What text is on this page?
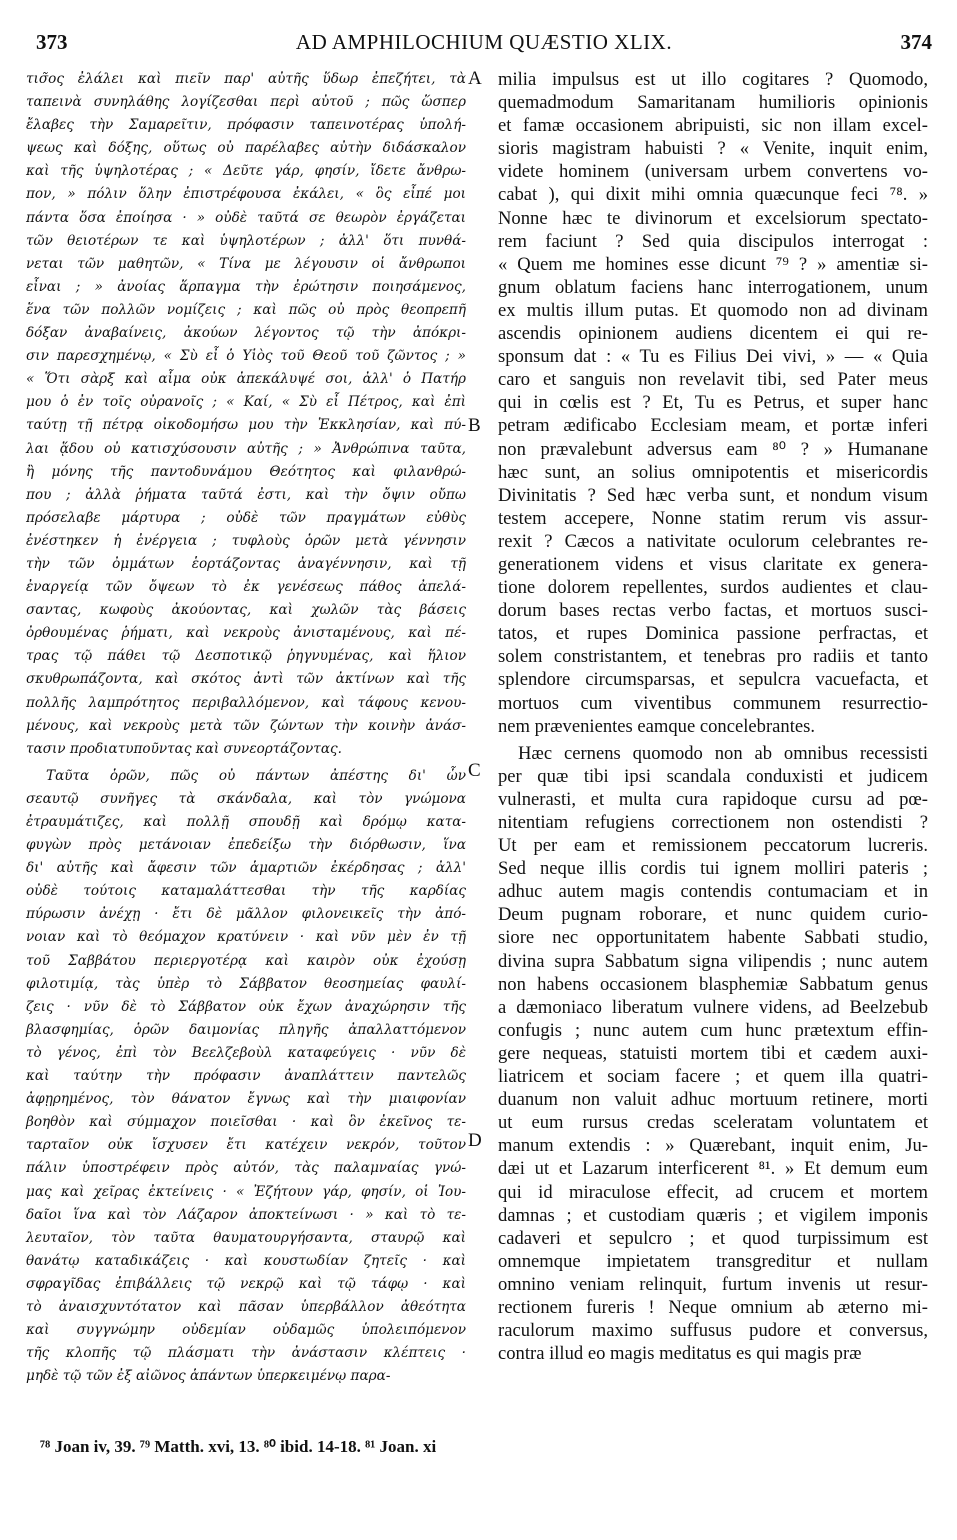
373	AD AMPHILOCHIUM QUÆSTIO XLIX.	374
τισ̃ος ἐλάλει καὶ πιεῖν παρ' αὐτῆς ὕδωρ ἐπεζήτει, τὰ
ταπεινὰ συνηλάθης λογίζεσθαι περὶ αὐτοῦ ; πῶς ὥσπερ
ἔλαβες τὴν Σαμαρεῖτιν, πρόφασιν ταπεινοτέρας ὑπολή-
ψεως καὶ δόξης, οὕτως οὐ παρέλαβες αὐτὴν διδάσκαλον
καὶ τῆς ὑψηλοτέρας ; « Δεῦτε γάρ, φησίν, ἴδετε ἄνθρω-
πον, » πόλιν ὅλην ἐπιστρέφουσα ἐκάλει, « ὃς εἶπέ μοι
πάντα ὅσα ἐποίησα · » οὐδὲ ταῦτά σε θεωρὸν ἐργάζεται
τῶν θειοτέρων τε καὶ ὑψηλοτέρων ; ἀλλ' ὅτι πυνθά-
νεται τῶν μαθητῶν, « Τίνα με λέγουσιν οἱ ἄνθρωποι
εἶναι ; » ἀνοίας ἅρπαγμα τὴν ἐρώτησιν ποιησάμενος,
ἕνα τῶν πολλῶν νομίζεις ; καὶ πῶς οὐ πρὸς θεοπρεπῆ
δόξαν ἀναβαίνεις, ἀκούων λέγοντος τῷ τὴν ἀπόκρι-
σιν παρεσχημένῳ, « Σὺ εἶ ὁ Υἱὸς τοῦ Θεοῦ τοῦ ζῶντος ; »
« Ὅτι σὰρξ καὶ αἷμα οὐκ ἀπεκάλυψέ σοι, ἀλλ' ὁ Πατήρ
μου ὁ ἐν τοῖς οὐρανοῖς ; « Καί, « Σὺ εἶ Πέτρος, καὶ ἐπὶ
ταύτῃ τῇ πέτρᾳ οἰκοδομήσω μου τὴν Ἐκκλησίαν, καὶ πύ-
λαι ᾅδου οὐ κατισχύσουσιν αὐτῆς ; » Ἀνθρώπινα ταῦτα,
ἢ μόνης τῆς παντοδυνάμου Θεότητος καὶ φιλανθρώ-
που ; ἀλλὰ ῥήματα ταῦτά ἐστι, καὶ τὴν ὄψιν οὔπω
πρόσελαβε μάρτυρα ; οὐδὲ τῶν πραγμάτων εὐθὺς
ἐνέστηκεν ἡ ἐνέργεια ; τυφλοὺς ὁρῶν μετὰ γέννησιν
τὴν τῶν ὀμμάτων ἑορτάζοντας ἀναγέννησιν, καὶ τῇ
ἐναργείᾳ τῶν ὄψεων τὸ ἐκ γενέσεως πάθος ἀπελά-
σαντας, κωφοὺς ἀκούοντας, καὶ χωλῶν τὰς βάσεις
ὀρθουμένας ῥήματι, καὶ νεκροὺς ἀνισταμένους, καὶ πέ-
τρας τῷ πάθει τῷ Δεσποτικῷ ῥηγνυμένας, καὶ ἥλιον
σκυθρωπάζοντα, καὶ σκότος ἀντὶ τῶν ἀκτίνων καὶ τῆς
πολλῆς λαμπρότητος περιβαλλόμενον, καὶ τάφους κενου-
μένους, καὶ νεκροὺς μετὰ τῶν ζώντων τὴν κοινὴν ἀνάσ-
τασιν προδιατυποῦντας καὶ συνεορτάζοντας.
Ταῦτα ὁρῶν, πῶς οὐ πάντων ἀπέστης δι' ὧν
σεαυτῷ συνῆγες τὰ σκάνδαλα, καὶ τὸν γνώμονα
ἐτραυμάτιζες, καὶ πολλῇ σπουδῇ καὶ δρόμῳ κατα-
φυγὼν πρὸς μετάνοιαν ἐπεδείξω τὴν διόρθωσιν, ἵνα
δι' αὐτῆς καὶ ἄφεσιν τῶν ἁμαρτιῶν ἐκέρδησας ; ἀλλ'
οὐδὲ τούτοις καταμαλάττεσθαι τὴν τῆς καρδίας
πύρωσιν ἀνέχῃ · ἔτι δὲ μᾶλλον φιλονεικεῖς τὴν ἀπό-
νοιαν καὶ τὸ θεόμαχον κρατύνειν · καὶ νῦν μὲν ἐν τῇ
τοῦ Σαββάτου περιεργοτέρᾳ καὶ καιρὸν οὐκ ἐχούσῃ
φιλοτιμίᾳ, τὰς ὑπὲρ τὸ Σάββατον θεοσημείας φαυλί-
ζεις · νῦν δὲ τὸ Σάββατον οὐκ ἔχων ἀναχώρησιν τῆς
βλασφημίας, ὁρῶν δαιμονίας πληγῆς ἀπαλλαττόμενον
τὸ γένος, ἐπὶ τὸν Βεελζεβοὺλ καταφεύγεις · νῦν δὲ
καὶ ταύτην τὴν πρόφασιν ἀναπλάττειν παντελῶς
ἀφῃρημένος, τὸν θάνατον ἔγνως καὶ τὴν μιαιφονίαν
βοηθὸν καὶ σύμμαχον ποιεῖσθαι · καὶ ὃν ἐκεῖνος τε-
ταρταῖον οὐκ ἴσχυσεν ἔτι κατέχειν νεκρόν, τοῦτον
πάλιν ὑποστρέφειν πρὸς αὐτόν, τὰς παλαμναίας γνώ-
μας καὶ χεῖρας ἐκτείνεις · « Ἐζήτουν γάρ, φησίν, οἱ Ἰου-
δαῖοι ἵνα καὶ τὸν Λάζαρον ἀποκτείνωσι · » καὶ τὸ τε-
λευταῖον, τὸν ταῦτα θαυματουργήσαντα, σταυρῷ καὶ
θανάτῳ καταδικάζεις · καὶ κουστωδίαν ζητεῖς · καὶ
σφραγῖδας ἐπιβάλλεις τῷ νεκρῷ καὶ τῷ τάφῳ · καὶ
τὸ ἀναισχυντότατον καὶ πᾶσαν ὑπερβάλλον ἀθεότητα
καὶ συγγνώμην οὐδεμίαν οὐδαμῶς ὑπολειπόμενον
τῆς κλοπῆς τῷ πλάσματι τὴν ἀνάστασιν κλέπτεις ·
μηδὲ τῷ τῶν ἐξ αἰῶνος ἁπάντων ὑπερκειμένῳ παρα-
milia impulsus est ut illo cogitares ? Quomodo,
quemadmodum Samaritanam humilioris opinionis
et famæ occasionem abripuisti, sic non illam excel-
sioris magistram habuisti ? « Venite, inquit enim,
videte hominem (universam urbem convertens vo-
cabat ), qui dixit mihi omnia quæcunque feci ⁷⁸. »
Nonne hæc te divinorum et excelsiorum spectato-
rem faciunt ? Sed quia discipulos interrogat :
« Quem me homines esse dicunt ⁷⁹ ? » amentiæ si-
gnum oblatum faciens hanc interrogationem, unum
ex multis illum putas. Et quomodo non ad divinam
ascendis opinionem audiens dicentem ei qui re-
sponsum dat : « Tu es Filius Dei vivi, » — « Quia
caro et sanguis non revelavit tibi, sed Pater meus
qui in cœlis est ? Et, Tu es Petrus, et super hanc
petram ædificabo Ecclesiam meam, et portæ inferi
non prævalebunt adversus eam ⁸⁰ ? » Humanane
hæc sunt, an solius omnipotentis et misericordis
Divinitatis ? Sed hæc verba sunt, et nondum visum
testem accepere, Nonne statim rerum vis assur-
rexit ? Cæcos a nativitate oculorum celebrantes re-
generationem videns et visus claritate ex genera-
tione dolorem repellentes, surdos audientes et clau-
dorum bases rectas verbo factas, et mortuos susci-
tatos, et rupes Dominica passione perfractas, et
solem constristantem, et tenebras pro radiis et tanto
splendore circumsparsas, et sepulcra vacuefacta, et
mortuos cum viventibus communem resurrectio-
nem prævenientes eamque concelebrantes.
Hæc cernens quomodo non ab omnibus recessisti
per quæ tibi ipsi scandala conduxisti et judicem
vulnerasti, et multa cura rapidoque cursu ad pœ-
nitentiam refugiens correctionem non ostendisti ?
Ut per eam et remissionem peccatorum lucreris.
Sed neque illis cordis tui ignem molliri pateris ;
adhuc autem magis contendis contumaciam et in
Deum pugnam roborare, et nunc quidem curio-
siore nec opportunitatem habente Sabbati studio,
divina supra Sabbatum signa vilipendis ; nunc autem
non habens occasionem blasphemiæ Sabbatum genus
a dæmoniaco liberatum vulnere videns, ad Beelzebub
confugis ; nunc autem cum hunc prætextum effin-
gere nequeas, statuisti mortem tibi et cædem auxi-
liatricem et sociam facere ; et quem illa quatri-
duanum non valuit adhuc mortuum retinere, morti
ut eum rursus credas sceleratam voluntatem et
manum extendis : » Quærebant, inquit enim, Ju-
dæi ut et Lazarum interficerent ⁸¹. » Et demum eum
qui id miraculose effecit, ad crucem et mortem
damnas ; et custodiam quæris ; et vigilem imponis
cadaveri et sepulcro ; et quod turpissimum est
omnemque impietatem transgreditur et nullam
omnino veniam relinquit, furtum invenis ut resur-
rectionem fureris ! Neque omnium ab æterno mi-
raculorum maximo suffusus pudore et conversus,
contra illud eo magis meditatus es qui magis præ
A
B
C
D
⁷⁸ Joan iv, 39. ⁷⁹ Matth. xvi, 13. ⁸⁰ ibid. 14-18. ⁸¹ Joan. xi
